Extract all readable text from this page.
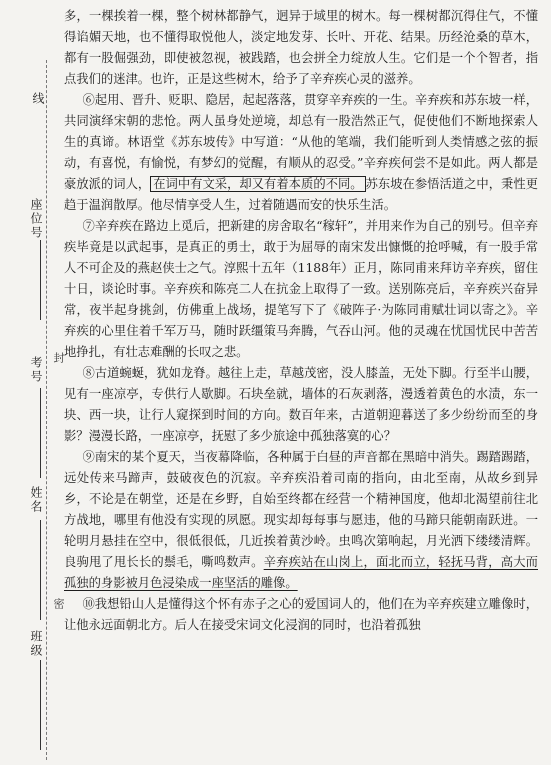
线
座位号
考号 封
姓名
密
班级

多，一棵挨着一棵，整个树林都静气，迥异于域里的树木。每一棵树都沉得住气，不懂得谄媚天地，也不懂得取悦他人，淡定地发芽、长叶、开花、结果。历经沧桑的草木，都有一股倔强劲，即使被忽视，被践踏，也会拼全力绽放人生。它们是一个个智者，指点我们的迷津。也许，正是这些树木，给予了辛弃疾心灵的滋养。

⑥起用、晋升、贬职、隐居，起起落落，贯穿辛弃疾的一生。辛弃疾和苏东坡一样，共同演绎宋朝的悲怆。两人虽身处逆境，却总有一股浩然正气，促使他们不断地探索人生的真谛。林语堂《苏东坡传》中写道：“从他的笔端，我们能听到人类情感之弦的振动，有喜悦，有愉悦，有梦幻的觉醒，有顺从的忍受。”辛弃疾何尝不是如此。两人都是豪放派的词人， 在词中有文采，却又有着本质的不同。 苏东坡在参悟活道之中，秉性更趋于温润散厚。他尽情享受人生，过着随遇而安的快乐生活。

⑦辛弃疾在路边上觅后，把新建的房舍取名“稼轩”，并用来作为自己的别号。但辛弃疾毕竟是以武起事，是真正的勇士，敢于为屈辱的南宋发出慷慨的抢呼喊，有一股手常人不可企及的燕赵侠士之气。淳熙十五年（1188年）正月，陈同甫来拜访辛弃疾，留住十日，谈论时事。辛弃疾和陈亮二人在抗金上取得了一致。送别陈亮后，辛弃疾兴奋异常，夜半起身挑剑，仿佛重上战场，提笔写下了《破阵子·为陈同甫赋壮词以寄之》。辛弃疾的心里住着千军万马，随时跃缰策马奔腾，气吞山河。他的灵魂在忧国忧民中苦苦地挣扎，有壮志难酬的长叹之悲。

⑧古道蜿蜒，犹如龙脊。越往上走，草越茂密，没人膝盖，无处下脚。行至半山腰，见有一座凉亭，专供行人歇脚。石块垒就，墙体的石灰剥落，漫透着黄色的水渍，东一块、西一块，让行人窥探到时间的方向。数百年来，古道朝迎暮送了多少纷纷而至的身影？漫漫长路，一座凉亭，抚慰了多少旅途中孤独落寞的心？

⑨南宋的某个夏天，当夜幕降临，各种属于白昼的声音都在黑暗中消失。踢踏踢踏，远处传来马蹄声，鼓破夜色的沉寂。辛弃疾沿着司南的指向，由北至南，从故乡到异乡，不论是在朝堂，还是在乡野，自始至终都在经营一个精神国度，他却北渴望前往北方战地，哪里有他没有实现的夙愿。现实却每每事与愿违，他的马蹄只能朝南跃进。一轮明月悬挂在空中，很低很低，几近挨着黄沙岭。虫鸣次第响起，月光洒下缕缕清辉。良驹甩了甩长长的鬃毛，嘶鸣数声。辛弃疾站在山岗上，面北而立，轻抚马背，高大而孤独的身影被月色浸染成一座坚活的雕像。

⑩我想铅山人是懂得这个怀有赤子之心的爱国词人的，他们在为辛弃疾建立雕像时，让他永远面朝北方。后人在接受宋词文化浸润的同时，也沿着孤独
